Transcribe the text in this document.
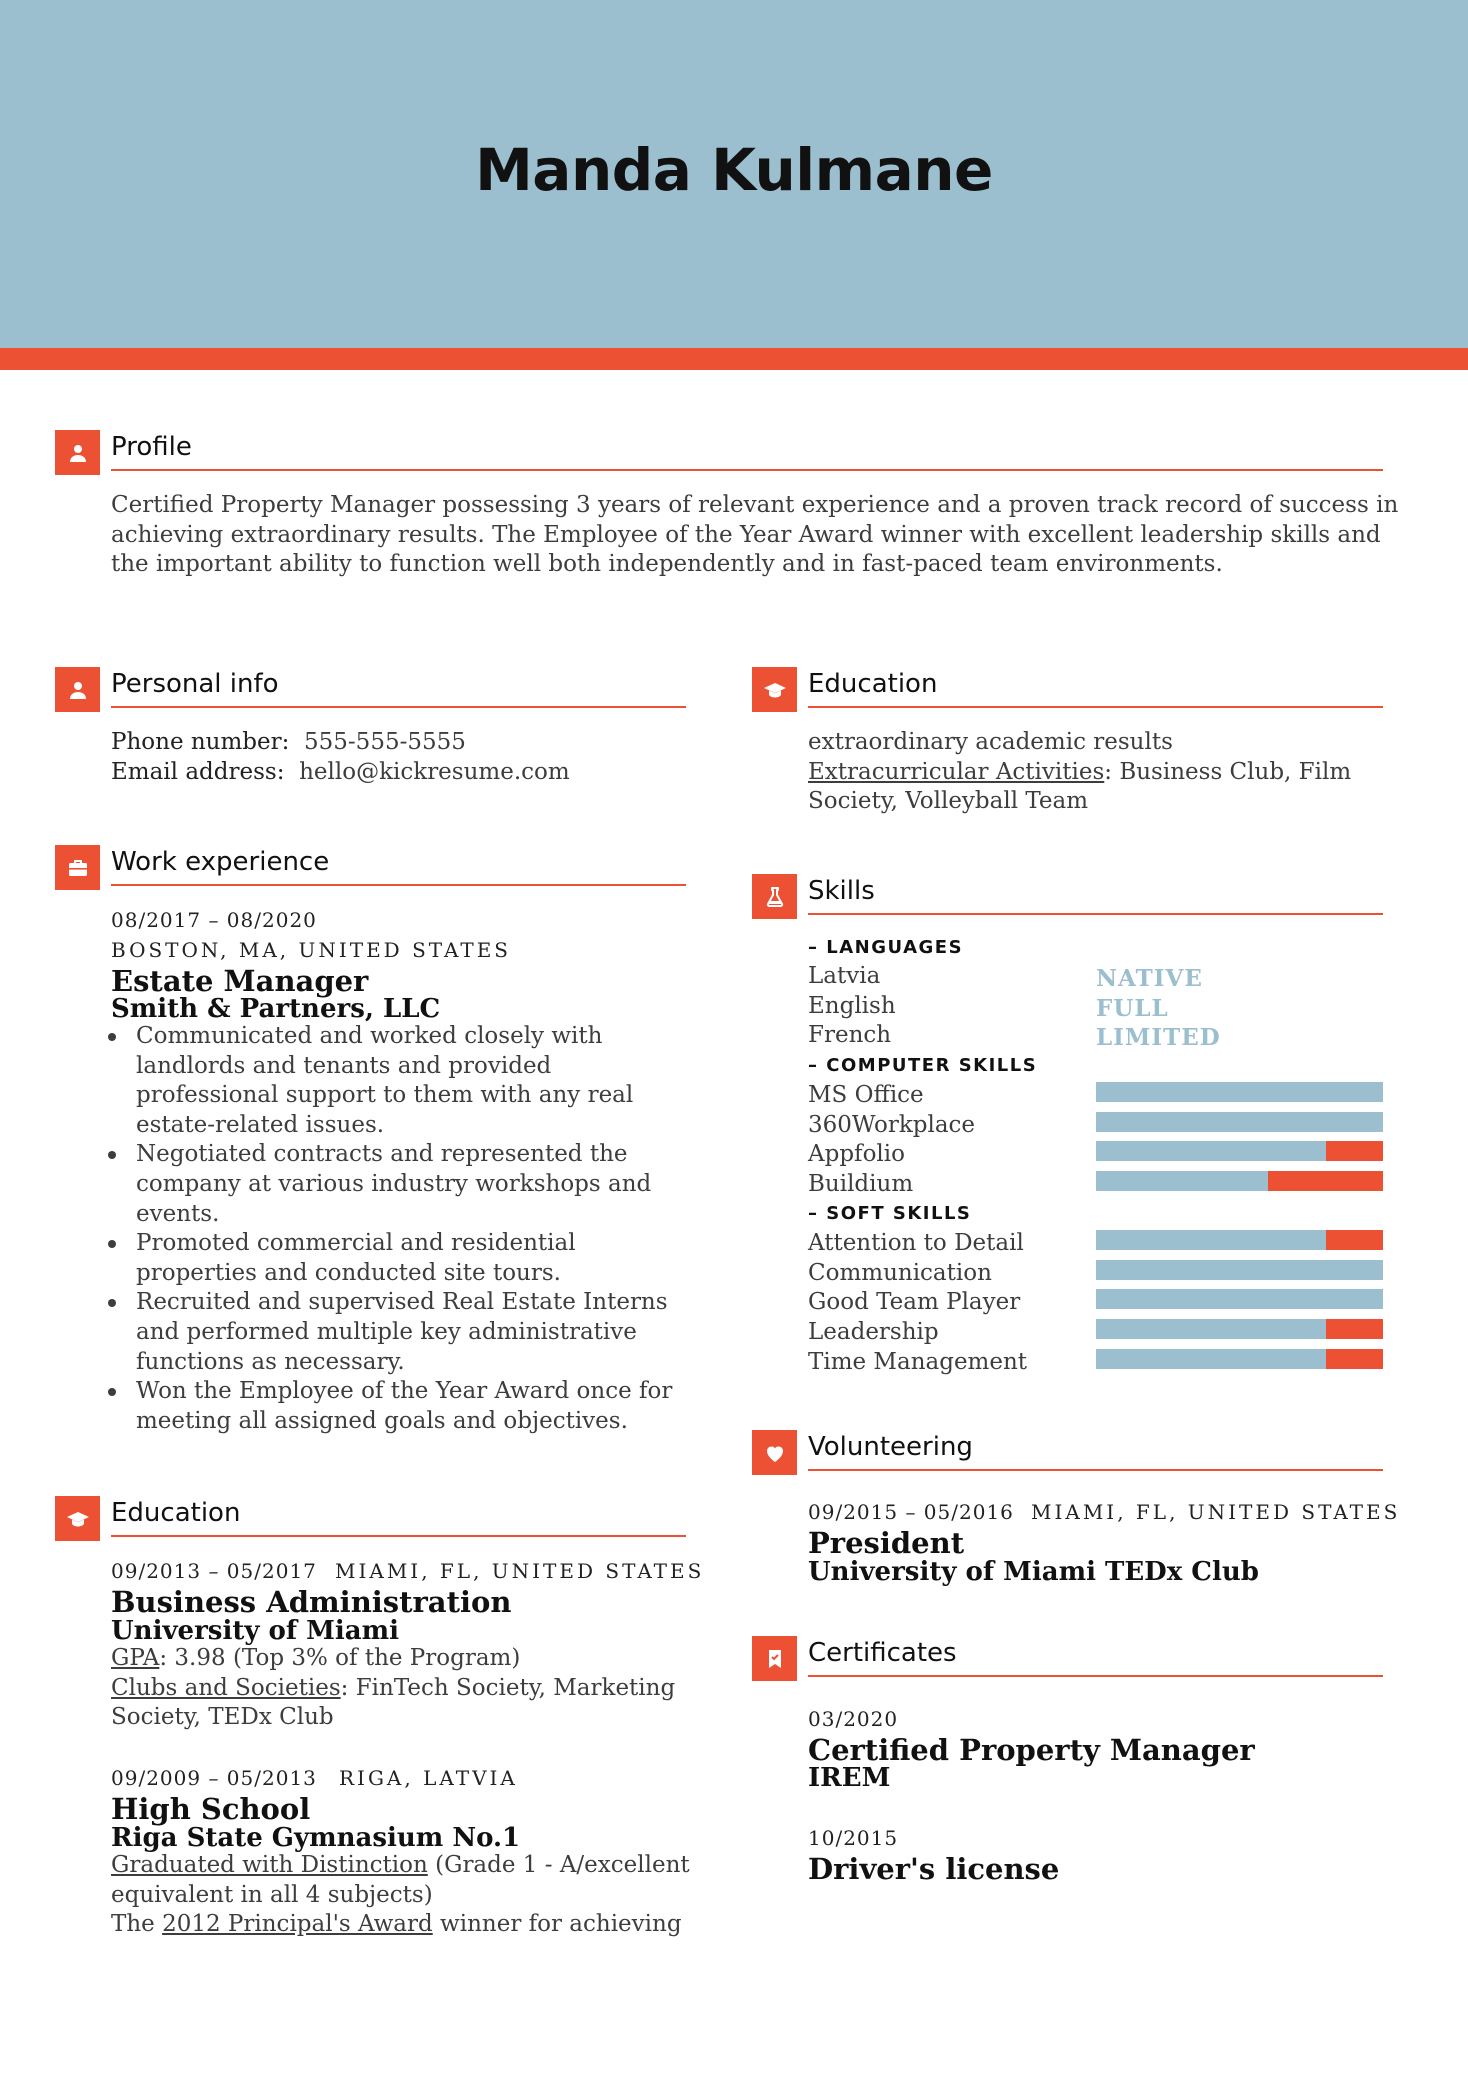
Manda Kulmane
Profile
Certified Property Manager possessing 3 years of relevant experience and a proven track record of success in
achieving extraordinary results. The Employee of the Year Award winner with excellent leadership skills and
the important ability to function well both independently and in fast-paced team environments.
Personal info
Phone number: 555-555-5555
Email address: hello@kickresume.com
Work experience
08/2017 – 08/2020
BOSTON, MA, UNITED STATES
Estate Manager
Smith & Partners, LLC
Communicated and worked closely with
landlords and tenants and provided
professional support to them with any real
estate-related issues.
Negotiated contracts and represented the
company at various industry workshops and
events.
Promoted commercial and residential
properties and conducted site tours.
Recruited and supervised Real Estate Interns
and performed multiple key administrative
functions as necessary.
Won the Employee of the Year Award once for
meeting all assigned goals and objectives.
Education
09/2013 – 05/2017 MIAMI, FL, UNITED STATES
Business Administration
University of Miami
GPA: 3.98 (Top 3% of the Program)
Clubs and Societies: FinTech Society, Marketing
Society, TEDx Club
09/2009 – 05/2013 RIGA, LATVIA
High School
Riga State Gymnasium No.1
Graduated with Distinction (Grade 1 - A/excellent
equivalent in all 4 subjects)
The 2012 Principal's Award winner for achieving
Education
extraordinary academic results
Extracurricular Activities: Business Club, Film
Society, Volleyball Team
Skills
– LANGUAGES
Latvia	NATIVE
English	FULL
French	LIMITED
– COMPUTER SKILLS
MS Office
360Workplace
Appfolio
Buildium
– SOFT SKILLS
Attention to Detail
Communication
Good Team Player
Leadership
Time Management
Volunteering
09/2015 – 05/2016 MIAMI, FL, UNITED STATES
President
University of Miami TEDx Club
Certificates
03/2020
Certified Property Manager
IREM
10/2015
Driver's license
